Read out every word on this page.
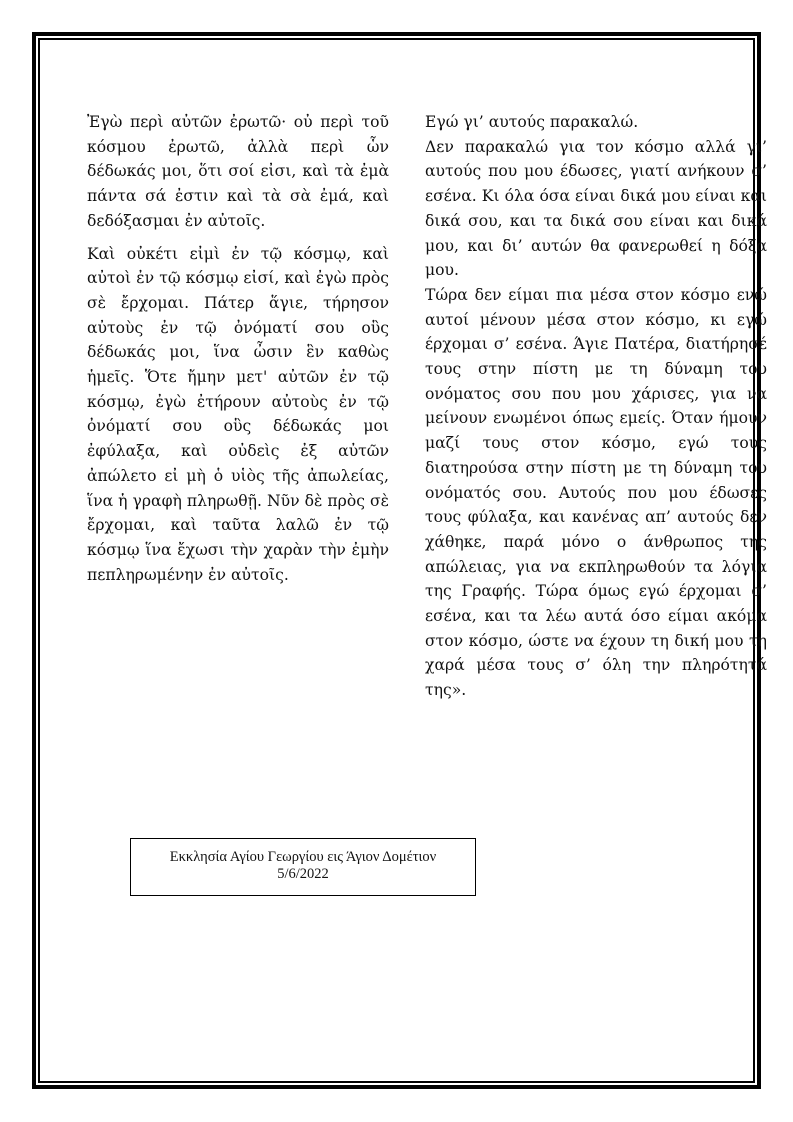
Ἐγὼ περὶ αὐτῶν ἐρωτῶ· οὐ περὶ τοῦ κόσμου ἐρωτῶ, ἀλλὰ περὶ ὧν δέδωκάς μοι, ὅτι σοί εἰσι, καὶ τὰ ἐμὰ πάντα σά ἐστιν καὶ τὰ σὰ ἐμά, καὶ δεδόξασμαι ἐν αὐτοῖς.

Καὶ οὐκέτι εἰμὶ ἐν τῷ κόσμῳ, καὶ αὐτοὶ ἐν τῷ κόσμῳ εἰσί, καὶ ἐγὼ πρὸς σὲ ἔρχομαι. Πάτερ ἅγιε, τήρησον αὐτοὺς ἐν τῷ ὀνόματί σου οὓς δέδωκάς μοι, ἵνα ὦσιν ἓν καθὼς ἡμεῖς. Ὅτε ἤμην μετ' αὐτῶν ἐν τῷ κόσμῳ, ἐγὼ ἐτήρουν αὐτοὺς ἐν τῷ ὀνόματί σου οὓς δέδωκάς μοι ἐφύλαξα, καὶ οὐδεὶς ἐξ αὐτῶν ἀπώλετο εἰ μὴ ὁ υἱὸς τῆς ἀπωλείας, ἵνα ἡ γραφὴ πληρωθῇ. Νῦν δὲ πρὸς σὲ ἔρχομαι, καὶ ταῦτα λαλῶ ἐν τῷ κόσμῳ ἵνα ἔχωσι τὴν χαρὰν τὴν ἐμὴν πεπληρωμένην ἐν αὐτοῖς.

Εγώ γι’ αυτούς παρακαλώ.

Δεν παρακαλώ για τον κόσμο αλλά γι’ αυτούς που μου έδωσες, γιατί ανήκουν σ’ εσένα. Κι όλα όσα είναι δικά μου είναι και δικά σου, και τα δικά σου είναι και δικά μου, και δι’ αυτών θα φανερωθεί η δόξα μου.

Τώρα δεν είμαι πια μέσα στον κόσμο ενώ αυτοί μένουν μέσα στον κόσμο, κι εγώ έρχομαι σ’ εσένα. Άγιε Πατέρα, διατήρησέ τους στην πίστη με τη δύναμη του ονόματος σου που μου χάρισες, για να μείνουν ενωμένοι όπως εμείς. Όταν ήμουν μαζί τους στον κόσμο, εγώ τους διατηρούσα στην πίστη με τη δύναμη του ονόματός σου. Αυτούς που μου έδωσες τους φύλαξα, και κανένας απ’ αυτούς δεν χάθηκε, παρά μόνο ο άνθρωπος της απώλειας, για να εκπληρωθούν τα λόγια της Γραφής. Τώρα όμως εγώ έρχομαι σ’ εσένα, και τα λέω αυτά όσο είμαι ακόμα στον κόσμο, ώστε να έχουν τη δική μου τη χαρά μέσα τους σ’ όλη την πληρότητά της».

Εκκλησία Αγίου Γεωργίου εις Άγιον Δομέτιον
5/6/2022
